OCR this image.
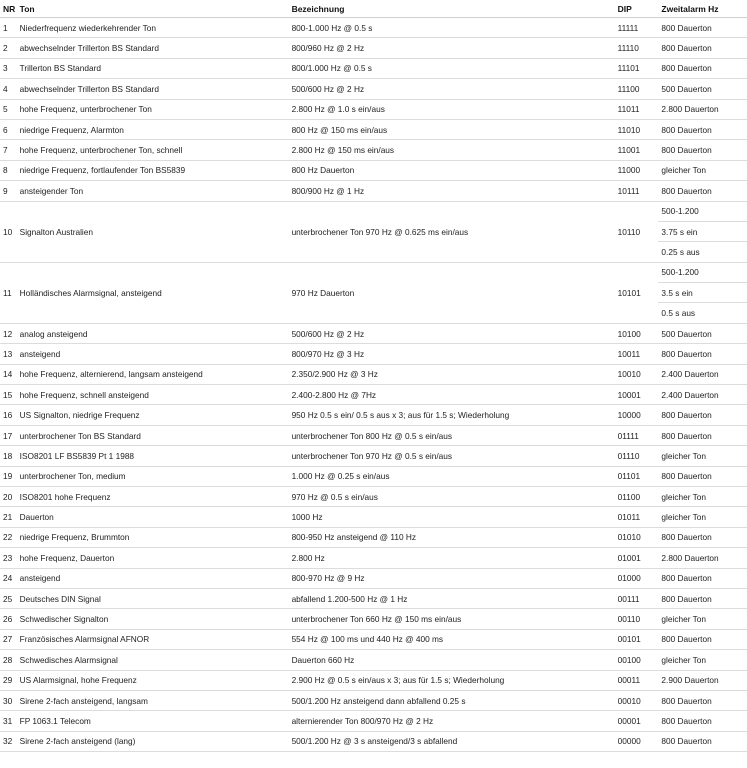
NR	Ton	Bezeichnung	DIP	Zweitalarm Hz
1	Niederfrequenz wiederkehrender Ton	800-1.000 Hz @ 0.5 s	11111	800 Dauerton
2	abwechselnder Trillerton BS Standard	800/960 Hz @ 2 Hz	11110	800 Dauerton
3	Trillerton BS Standard	800/1.000 Hz @ 0.5 s	11101	800 Dauerton
4	abwechselnder Trillerton BS Standard	500/600 Hz @ 2 Hz	11100	500 Dauerton
5	hohe Frequenz, unterbrochener Ton	2.800 Hz @ 1.0 s ein/aus	11011	2.800 Dauerton
6	niedrige Frequenz, Alarmton	800 Hz @ 150 ms ein/aus	11010	800 Dauerton
7	hohe Frequenz, unterbrochener Ton, schnell	2.800 Hz @ 150 ms ein/aus	11001	800 Dauerton
8	niedrige Frequenz, fortlaufender Ton BS5839	800 Hz Dauerton	11000	gleicher Ton
9	ansteigender Ton	800/900 Hz @ 1 Hz	10111	800 Dauerton
10	Signalton Australien	unterbrochener Ton 970 Hz @ 0.625 ms ein/aus	10110	500-1.200
				3.75 s ein
				0.25 s aus
11	Holländisches Alarmsignal, ansteigend	970 Hz Dauerton	10101	500-1.200
				3.5 s ein
				0.5 s aus
12	analog ansteigend	500/600 Hz @ 2 Hz	10100	500 Dauerton
13	ansteigend	800/970 Hz @ 3 Hz	10011	800 Dauerton
14	hohe Frequenz, alternierend, langsam ansteigend	2.350/2.900 Hz @ 3 Hz	10010	2.400 Dauerton
15	hohe Frequenz, schnell ansteigend	2.400-2.800 Hz @ 7Hz	10001	2.400 Dauerton
16	US Signalton, niedrige Frequenz	950 Hz 0.5 s ein/ 0.5 s aus x 3; aus für 1.5 s; Wiederholung	10000	800 Dauerton
17	unterbrochener Ton BS Standard	unterbrochener Ton 800 Hz @ 0.5 s ein/aus	01111	800 Dauerton
18	ISO8201 LF BS5839 Pt 1 1988	unterbrochener Ton 970 Hz @ 0.5 s ein/aus	01110	gleicher Ton
19	unterbrochener Ton, medium	1.000 Hz @ 0.25 s ein/aus	01101	800 Dauerton
20	ISO8201 hohe Frequenz	970 Hz @ 0.5 s ein/aus	01100	gleicher Ton
21	Dauerton	1000 Hz	01011	gleicher Ton
22	niedrige Frequenz, Brummton	800-950 Hz ansteigend @ 110 Hz	01010	800 Dauerton
23	hohe Frequenz, Dauerton	2.800 Hz	01001	2.800 Dauerton
24	ansteigend	800-970 Hz @ 9 Hz	01000	800 Dauerton
25	Deutsches DIN Signal	abfallend 1.200-500 Hz @ 1 Hz	00111	800 Dauerton
26	Schwedischer Signalton	unterbrochener Ton 660 Hz @ 150 ms ein/aus	00110	gleicher Ton
27	Französisches Alarmsignal AFNOR	554 Hz @ 100 ms und 440 Hz @ 400 ms	00101	800 Dauerton
28	Schwedisches Alarmsignal	Dauerton 660 Hz	00100	gleicher Ton
29	US Alarmsignal, hohe Frequenz	2.900 Hz @ 0.5 s ein/aus x 3; aus für 1.5 s; Wiederholung	00011	2.900 Dauerton
30	Sirene 2-fach ansteigend, langsam	500/1.200 Hz ansteigend dann abfallend 0.25 s	00010	800 Dauerton
31	FP 1063.1 Telecom	alternierender Ton 800/970 Hz @ 2 Hz	00001	800 Dauerton
32	Sirene 2-fach ansteigend (lang)	500/1.200 Hz @ 3 s ansteigend/3 s abfallend	00000	800 Dauerton
